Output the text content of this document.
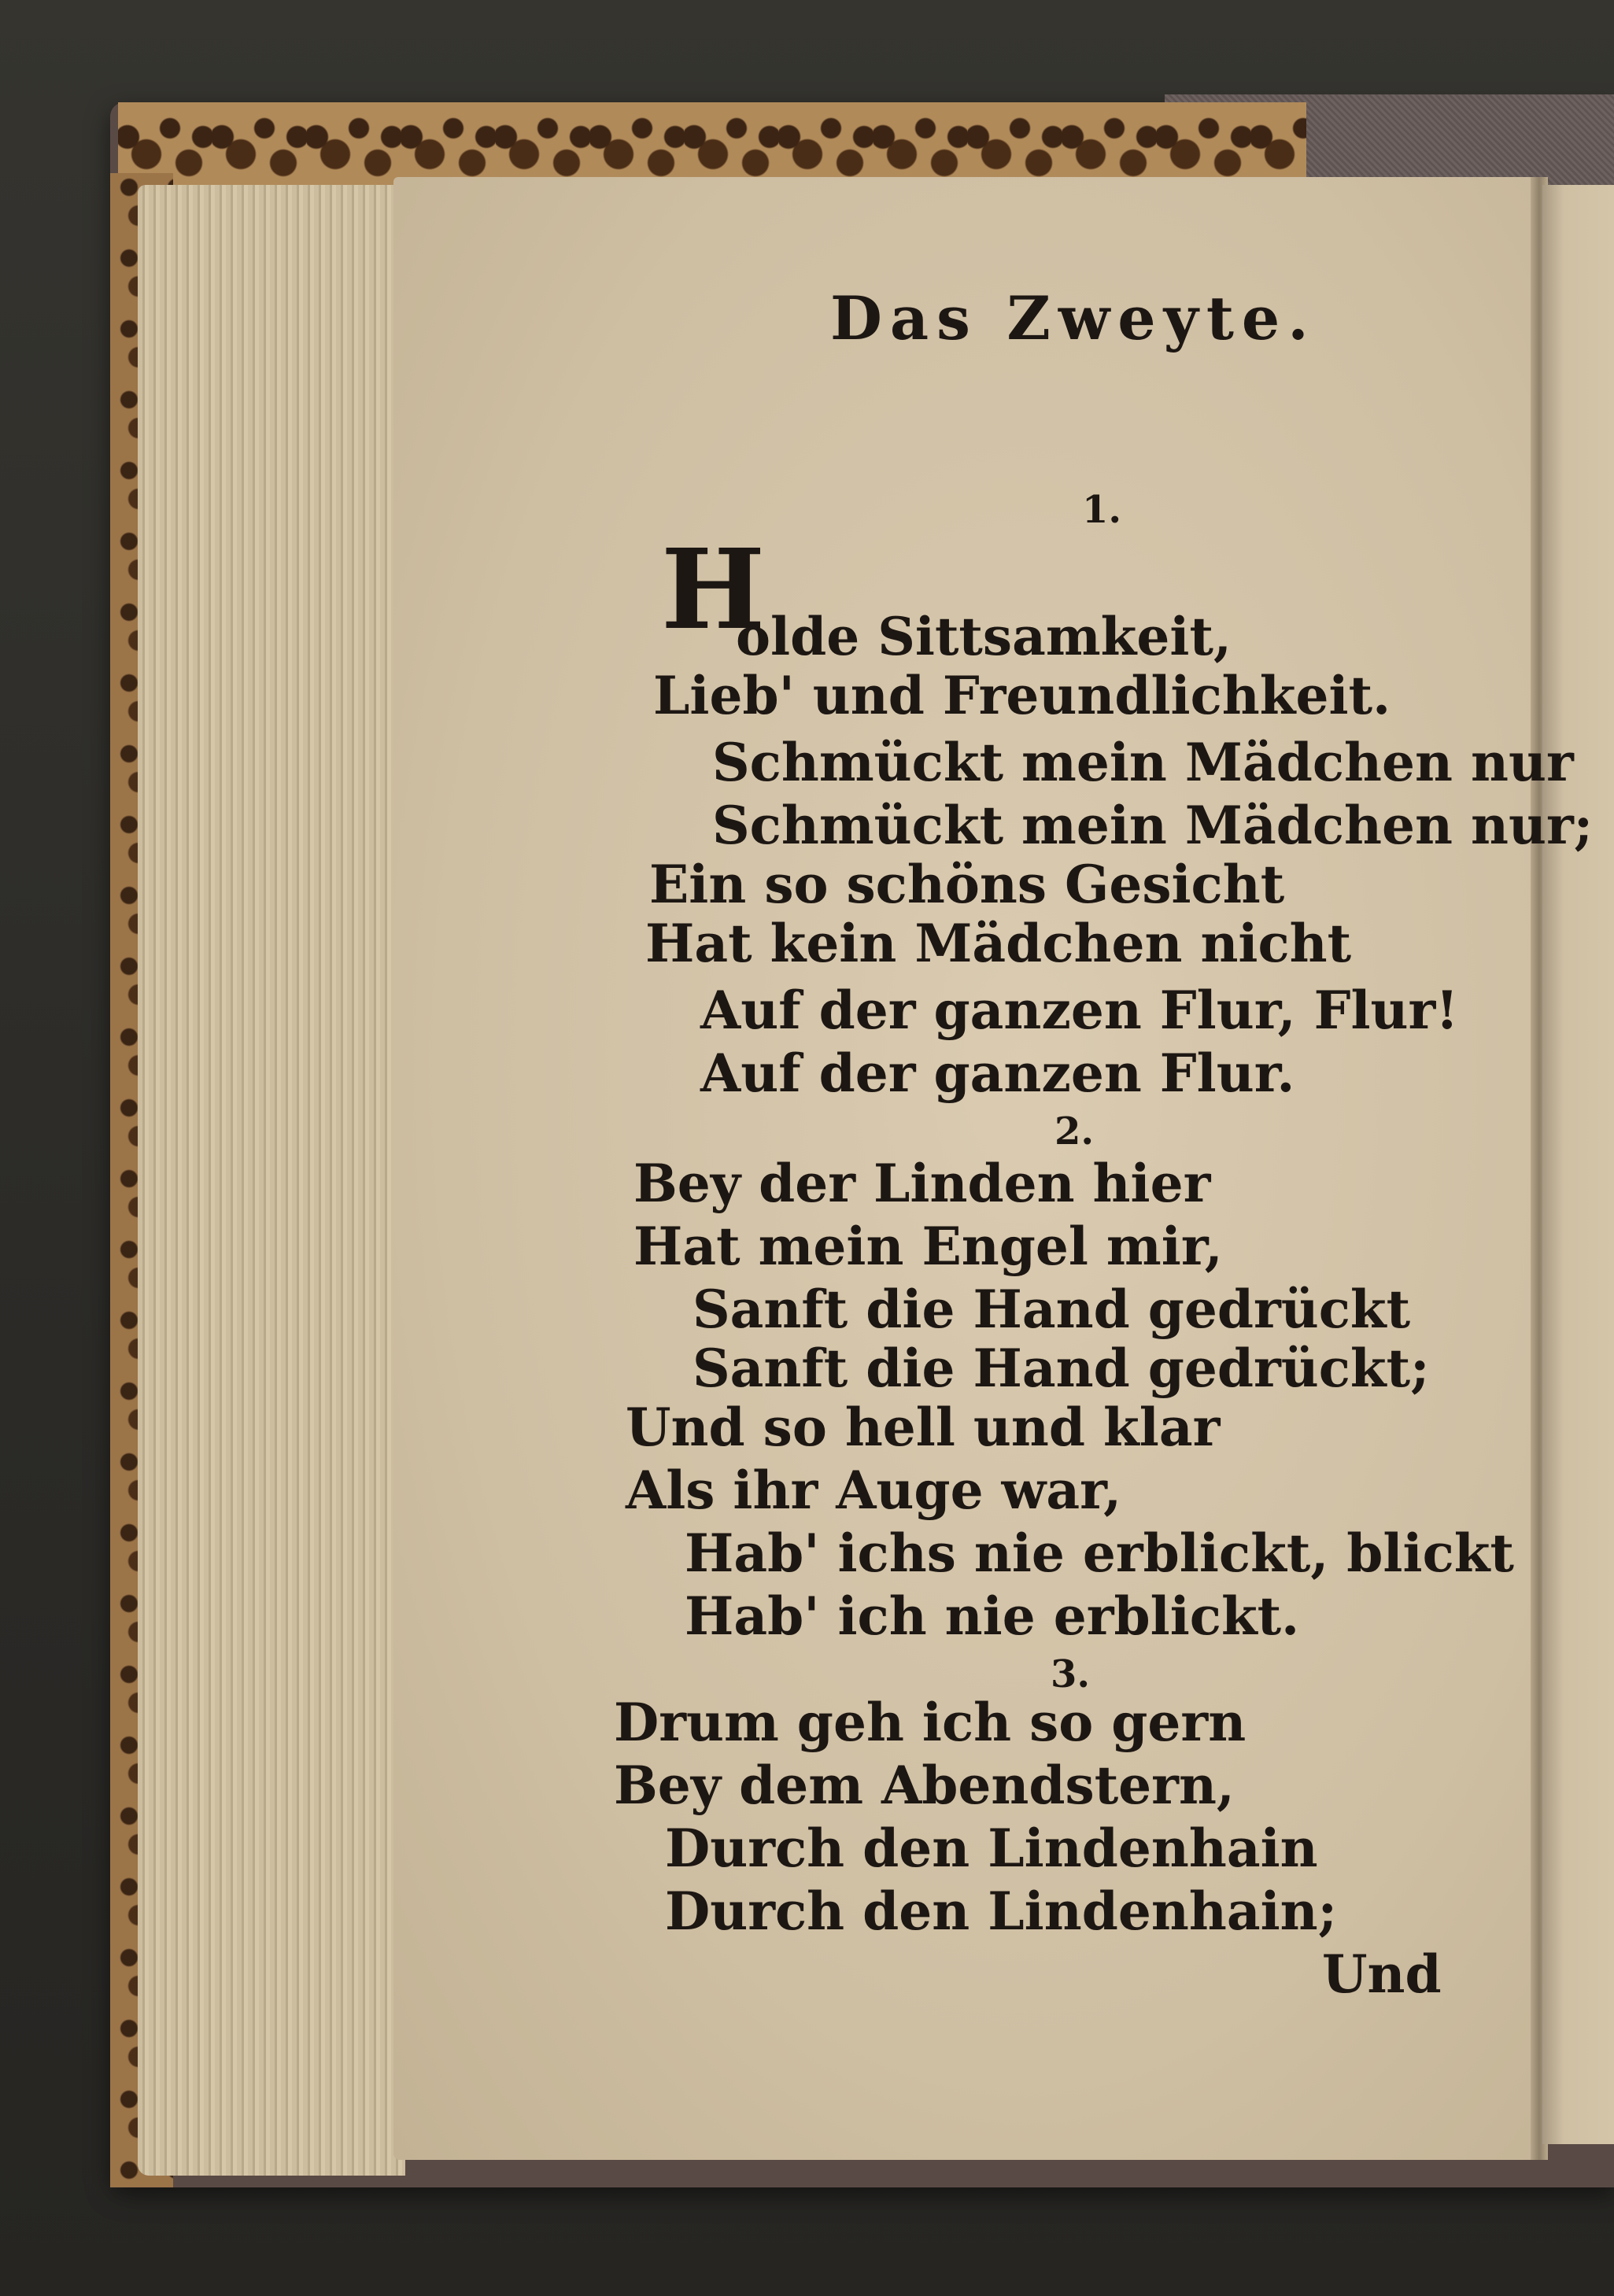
Das Zweyte.
1.
H
olde Sittsamkeit,
Lieb' und Freundlichkeit.
Schmückt mein Mädchen nur
Schmückt mein Mädchen nur;
Ein so schöns Gesicht
Hat kein Mädchen nicht
Auf der ganzen Flur, Flur!
Auf der ganzen Flur.
2.
Bey der Linden hier
Hat mein Engel mir,
Sanft die Hand gedrückt
Sanft die Hand gedrückt;
Und so hell und klar
Als ihr Auge war,
Hab' ichs nie erblickt, blickt
Hab' ich nie erblickt.
3.
Drum geh ich so gern
Bey dem Abendstern,
Durch den Lindenhain
Durch den Lindenhain;
Und
